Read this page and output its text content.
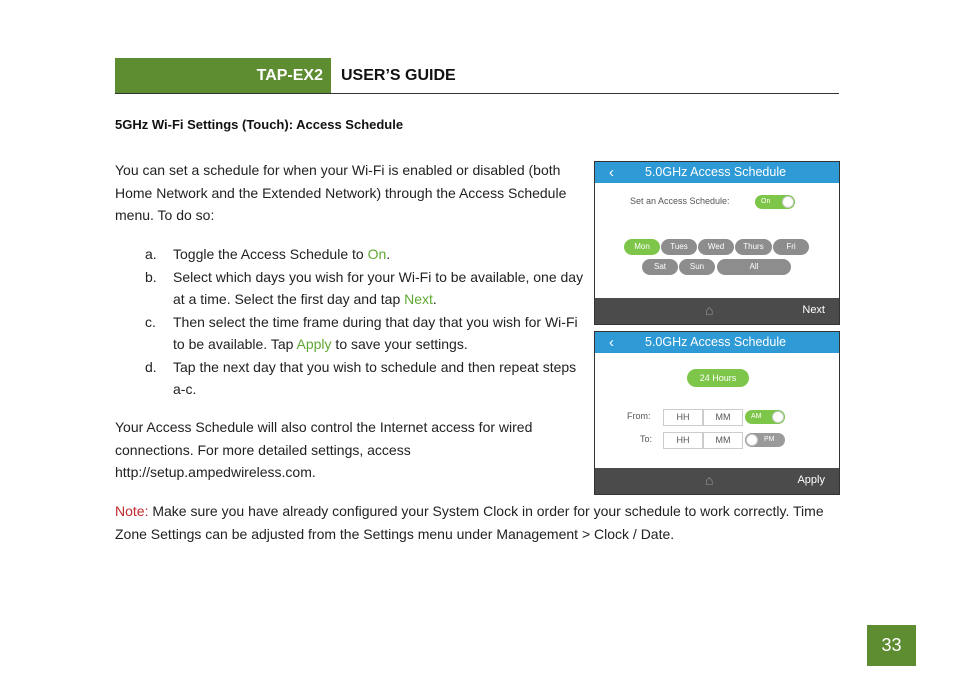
TAP-EX2	USER’S GUIDE
5GHz Wi-Fi Settings (Touch): Access Schedule
You can set a schedule for when your Wi-Fi is enabled or disabled (both Home Network and the Extended Network) through the Access Schedule menu. To do so:
a. Toggle the Access Schedule to On.
b. Select which days you wish for your Wi-Fi to be available, one day at a time. Select the first day and tap Next.
c. Then select the time frame during that day that you wish for Wi-Fi to be available. Tap Apply to save your settings.
d. Tap the next day that you wish to schedule and then repeat steps a-c.
Your Access Schedule will also control the Internet access for wired connections. For more detailed settings, access http://setup.ampedwireless.com.
Note: Make sure you have already configured your System Clock in order for your schedule to work correctly. Time Zone Settings can be adjusted from the Settings menu under Management > Clock / Date.
‹ 5.0GHz Access Schedule
Set an Access Schedule:	On
Mon	Tues	Wed	Thurs	Fri
Sat	Sun	All
⌂	Next
‹ 5.0GHz Access Schedule
24 Hours
From:	HH	MM	AM
To:	HH	MM	PM
⌂	Apply
33
